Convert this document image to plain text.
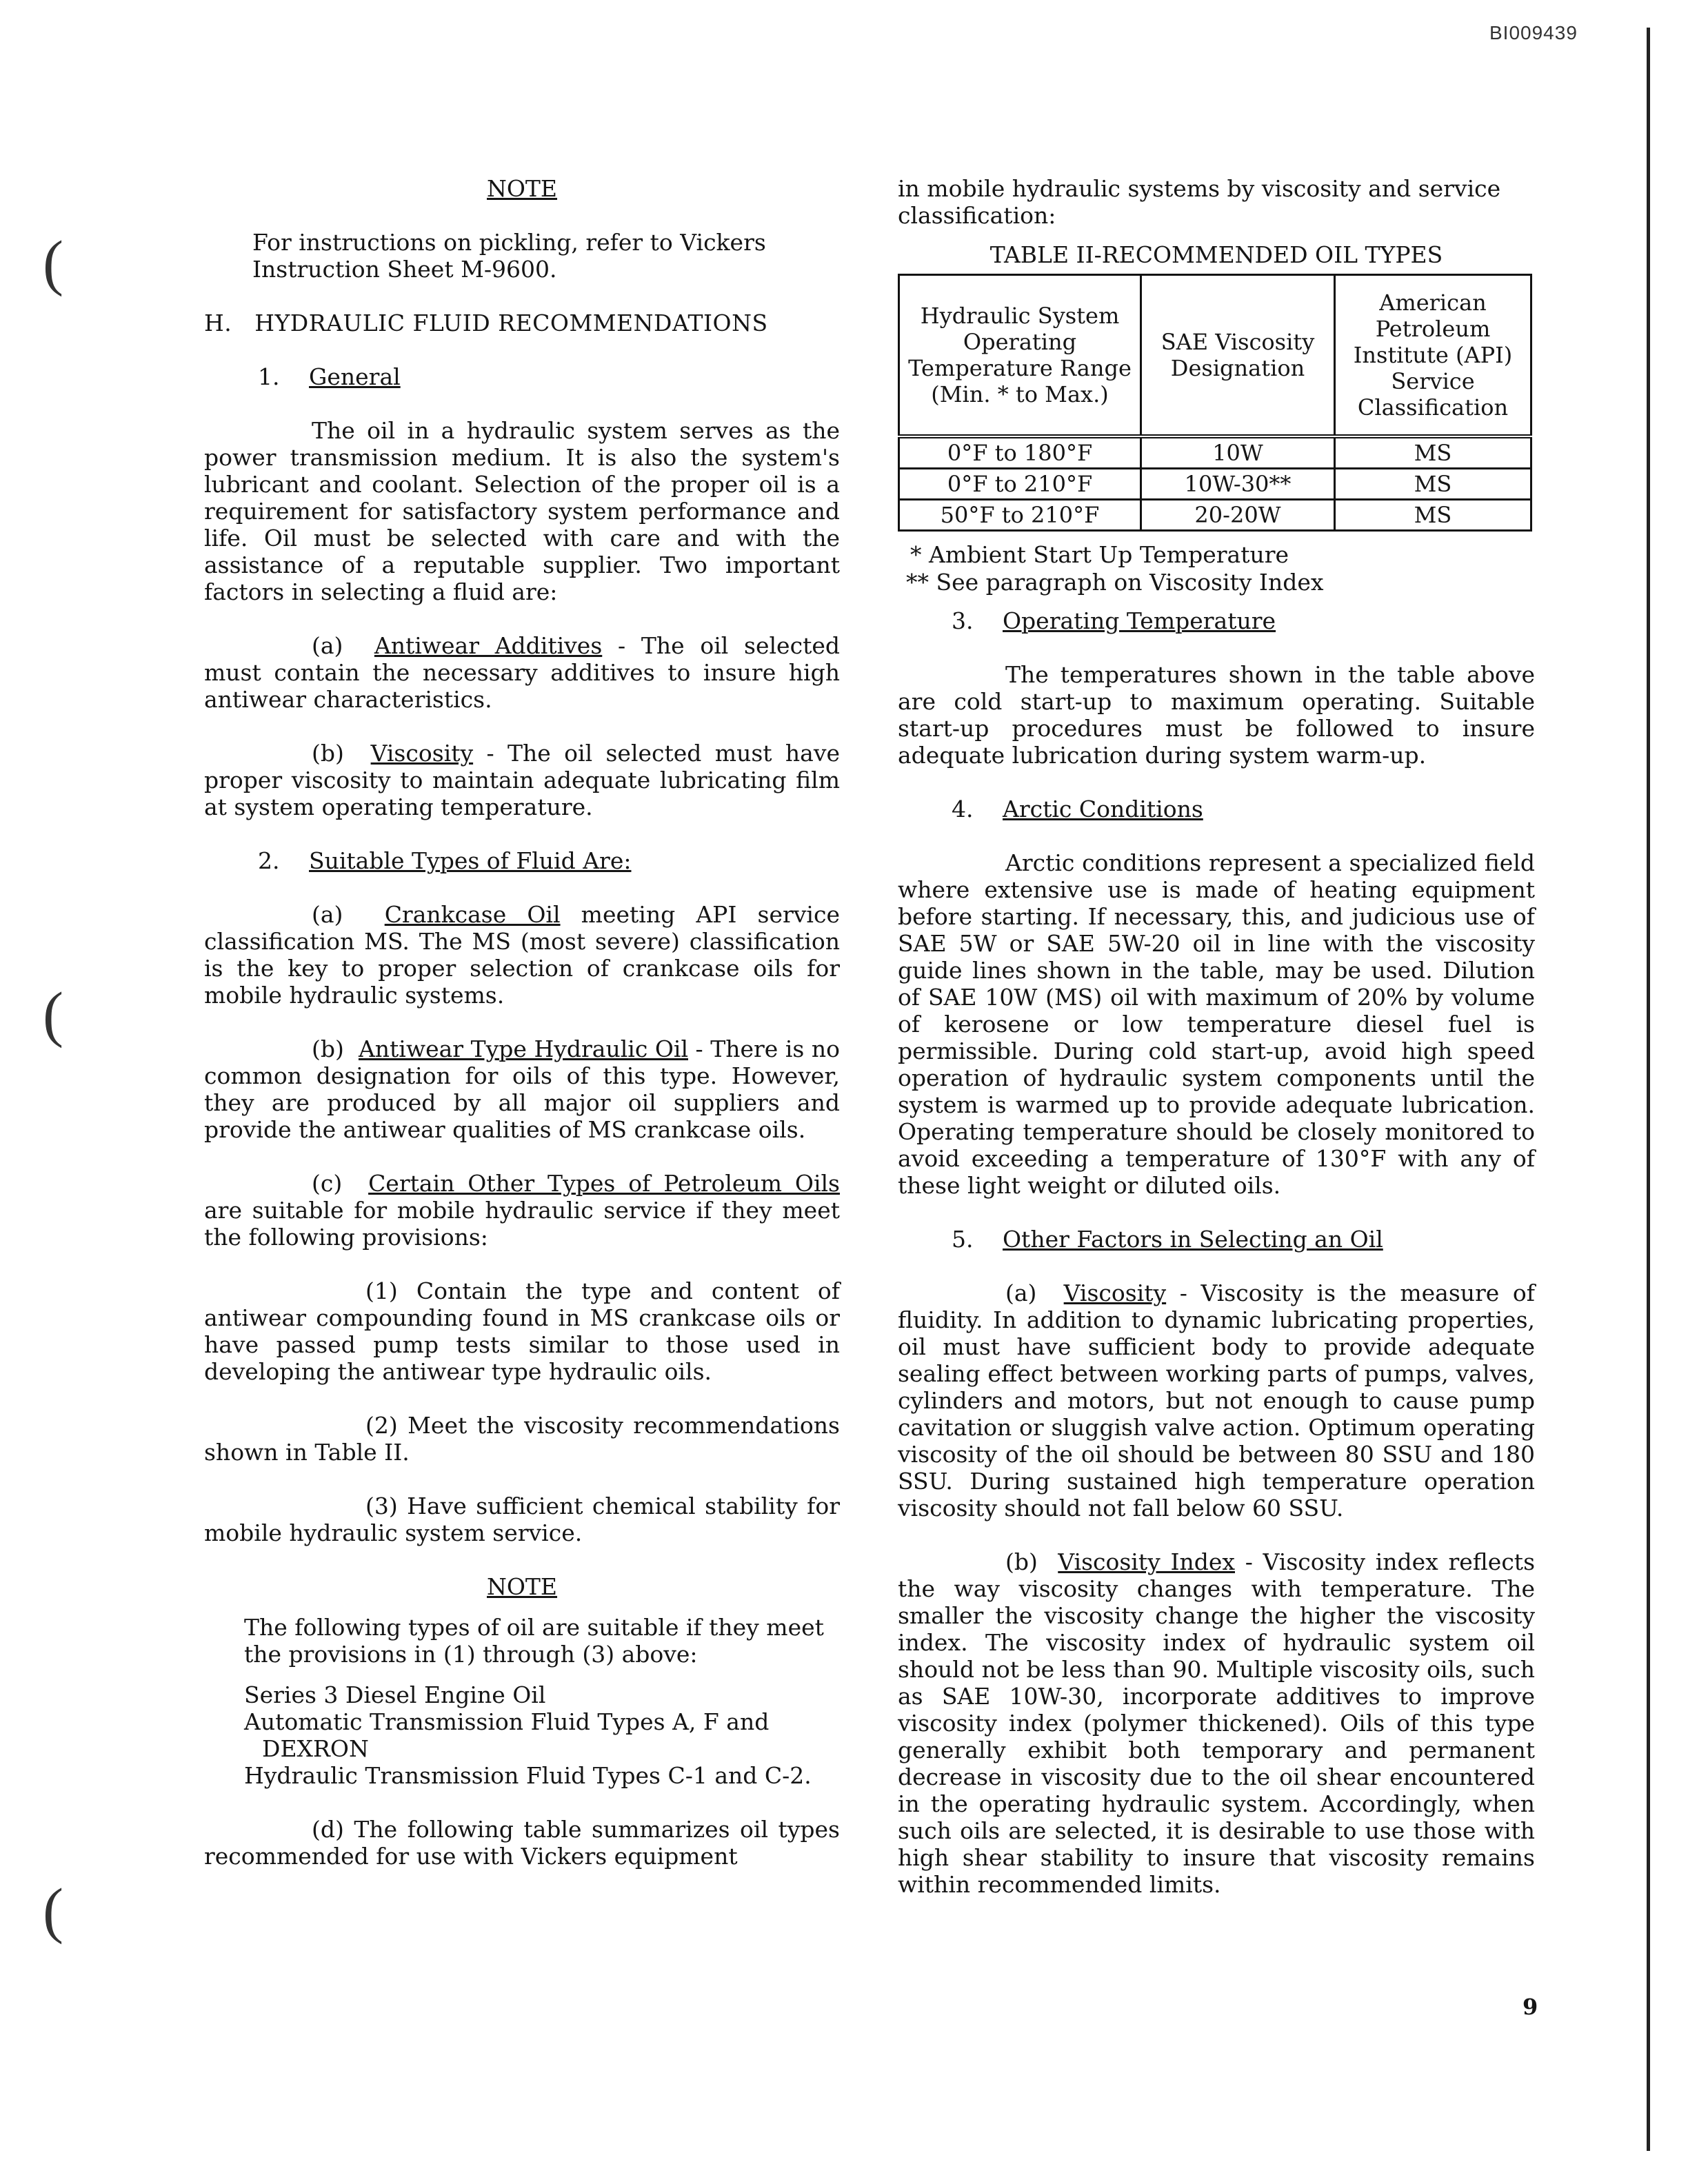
BI009439
(
(
(
9

NOTE

For instructions on pickling, refer to Vickers Instruction Sheet M-9600.

H.   HYDRAULIC FLUID RECOMMENDATIONS

1. General

The oil in a hydraulic system serves as the power transmission medium. It is also the system's lubricant and coolant. Selection of the proper oil is a requirement for satisfactory system performance and life. Oil must be selected with care and with the assistance of a reputable supplier. Two important factors in selecting a fluid are:

(a) Antiwear Additives - The oil selected must contain the necessary additives to insure high antiwear characteristics.

(b) Viscosity - The oil selected must have proper viscosity to maintain adequate lubricating film at system operating temperature.

2. Suitable Types of Fluid Are:

(a) Crankcase Oil meeting API service classification MS. The MS (most severe) classification is the key to proper selection of crankcase oils for mobile hydraulic systems.

(b) Antiwear Type Hydraulic Oil - There is no common designation for oils of this type. However, they are produced by all major oil suppliers and provide the antiwear qualities of MS crankcase oils.

(c) Certain Other Types of Petroleum Oils are suitable for mobile hydraulic service if they meet the following provisions:

(1) Contain the type and content of antiwear compounding found in MS crankcase oils or have passed pump tests similar to those used in developing the antiwear type hydraulic oils.

(2) Meet the viscosity recommendations shown in Table II.

(3) Have sufficient chemical stability for mobile hydraulic system service.

NOTE

The following types of oil are suitable if they meet the provisions in (1) through (3) above:

Series 3 Diesel Engine Oil

Automatic Transmission Fluid Types A, F and DEXRON

Hydraulic Transmission Fluid Types C-1 and C-2.

(d) The following table summarizes oil types recommended for use with Vickers equipment

in mobile hydraulic systems by viscosity and service classification:

TABLE II-RECOMMENDED OIL TYPES

Hydraulic System Operating Temperature Range (Min. * to Max.)	SAE Viscosity Designation	American Petroleum Institute (API) Service Classification
0°F to 180°F	10W	MS
0°F to 210°F	10W-30**	MS
50°F to 210°F	20-20W	MS

* Ambient Start Up Temperature

** See paragraph on Viscosity Index

3. Operating Temperature

The temperatures shown in the table above are cold start-up to maximum operating. Suitable start-up procedures must be followed to insure adequate lubrication during system warm-up.

4. Arctic Conditions

Arctic conditions represent a specialized field where extensive use is made of heating equipment before starting. If necessary, this, and judicious use of SAE 5W or SAE 5W-20 oil in line with the viscosity guide lines shown in the table, may be used. Dilution of SAE 10W (MS) oil with maximum of 20% by volume of kerosene or low temperature diesel fuel is permissible. During cold start-up, avoid high speed operation of hydraulic system components until the system is warmed up to provide adequate lubrication. Operating temperature should be closely monitored to avoid exceeding a temperature of 130°F with any of these light weight or diluted oils.

5. Other Factors in Selecting an Oil

(a) Viscosity - Viscosity is the measure of fluidity. In addition to dynamic lubricating properties, oil must have sufficient body to provide adequate sealing effect between working parts of pumps, valves, cylinders and motors, but not enough to cause pump cavitation or sluggish valve action. Optimum operating viscosity of the oil should be between 80 SSU and 180 SSU. During sustained high temperature operation viscosity should not fall below 60 SSU.

(b) Viscosity Index - Viscosity index reflects the way viscosity changes with temperature. The smaller the viscosity change the higher the viscosity index. The viscosity index of hydraulic system oil should not be less than 90. Multiple viscosity oils, such as SAE 10W-30, incorporate additives to improve viscosity index (polymer thickened). Oils of this type generally exhibit both temporary and permanent decrease in viscosity due to the oil shear encountered in the operating hydraulic system. Accordingly, when such oils are selected, it is desirable to use those with high shear stability to insure that viscosity remains within recommended limits.
